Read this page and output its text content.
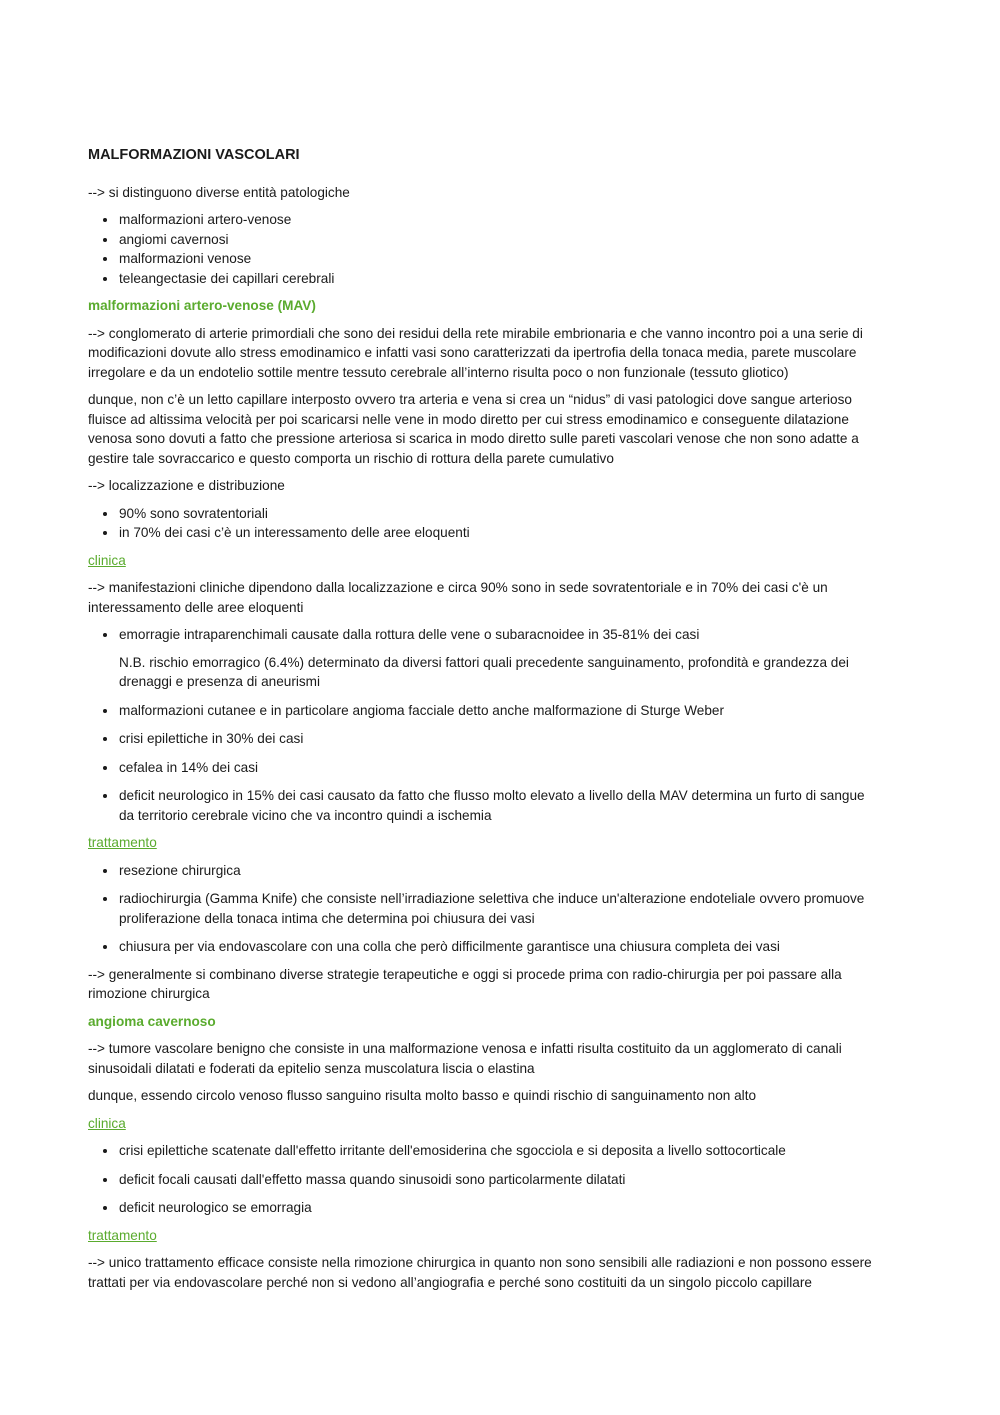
MALFORMAZIONI VASCOLARI

--> si distinguono diverse entità patologiche

malformazioni artero-venose
angiomi cavernosi
malformazioni venose
teleangectasie dei capillari cerebrali
malformazioni artero-venose (MAV)

--> conglomerato di arterie primordiali che sono dei residui della rete mirabile embrionaria e che vanno incontro poi a una serie di modificazioni dovute allo stress emodinamico e infatti vasi sono caratterizzati da ipertrofia della tonaca media, parete muscolare irregolare e da un endotelio sottile mentre tessuto cerebrale all’interno risulta poco o non funzionale (tessuto gliotico)

dunque, non c’è un letto capillare interposto ovvero tra arteria e vena si crea un “nidus” di vasi patologici dove sangue arterioso fluisce ad altissima velocità per poi scaricarsi nelle vene in modo diretto per cui stress emodinamico e conseguente dilatazione venosa sono dovuti a fatto che pressione arteriosa si scarica in modo diretto sulle pareti vascolari venose che non sono adatte a gestire tale sovraccarico e questo comporta un rischio di rottura della parete cumulativo

--> localizzazione e distribuzione

90% sono sovratentoriali
in 70% dei casi c’è un interessamento delle aree eloquenti
clinica

--> manifestazioni cliniche dipendono dalla localizzazione e circa 90% sono in sede sovratentoriale e in 70% dei casi c'è un interessamento delle aree eloquenti

emorragie intraparenchimali causate dalla rottura delle vene o subaracnoidee in 35-81% dei casi
N.B. rischio emorragico (6.4%) determinato da diversi fattori quali precedente sanguinamento, profondità e grandezza dei drenaggi e presenza di aneurismi
malformazioni cutanee e in particolare angioma facciale detto anche malformazione di Sturge Weber
crisi epilettiche in 30% dei casi
cefalea in 14% dei casi
deficit neurologico in 15% dei casi causato da fatto che flusso molto elevato a livello della MAV determina un furto di sangue da territorio cerebrale vicino che va incontro quindi a ischemia
trattamento
resezione chirurgica
radiochirurgia (Gamma Knife) che consiste nell’irradiazione selettiva che induce un'alterazione endoteliale ovvero promuove proliferazione della tonaca intima che determina poi chiusura dei vasi
chiusura per via endovascolare con una colla che però difficilmente garantisce una chiusura completa dei vasi

--> generalmente si combinano diverse strategie terapeutiche e oggi si procede prima con radio-chirurgia per poi passare alla rimozione chirurgica

angioma cavernoso

--> tumore vascolare benigno che consiste in una malformazione venosa e infatti risulta costituito da un agglomerato di canali sinusoidali dilatati e foderati da epitelio senza muscolatura liscia o elastina

dunque, essendo circolo venoso flusso sanguino risulta molto basso e quindi rischio di sanguinamento non alto

clinica
crisi epilettiche scatenate dall'effetto irritante dell'emosiderina che sgocciola e si deposita a livello sottocorticale
deficit focali causati dall'effetto massa quando sinusoidi sono particolarmente dilatati
deficit neurologico se emorragia
trattamento

--> unico trattamento efficace consiste nella rimozione chirurgica in quanto non sono sensibili alle radiazioni e non possono essere trattati per via endovascolare perché non si vedono all’angiografia e perché sono costituiti da un singolo piccolo capillare
